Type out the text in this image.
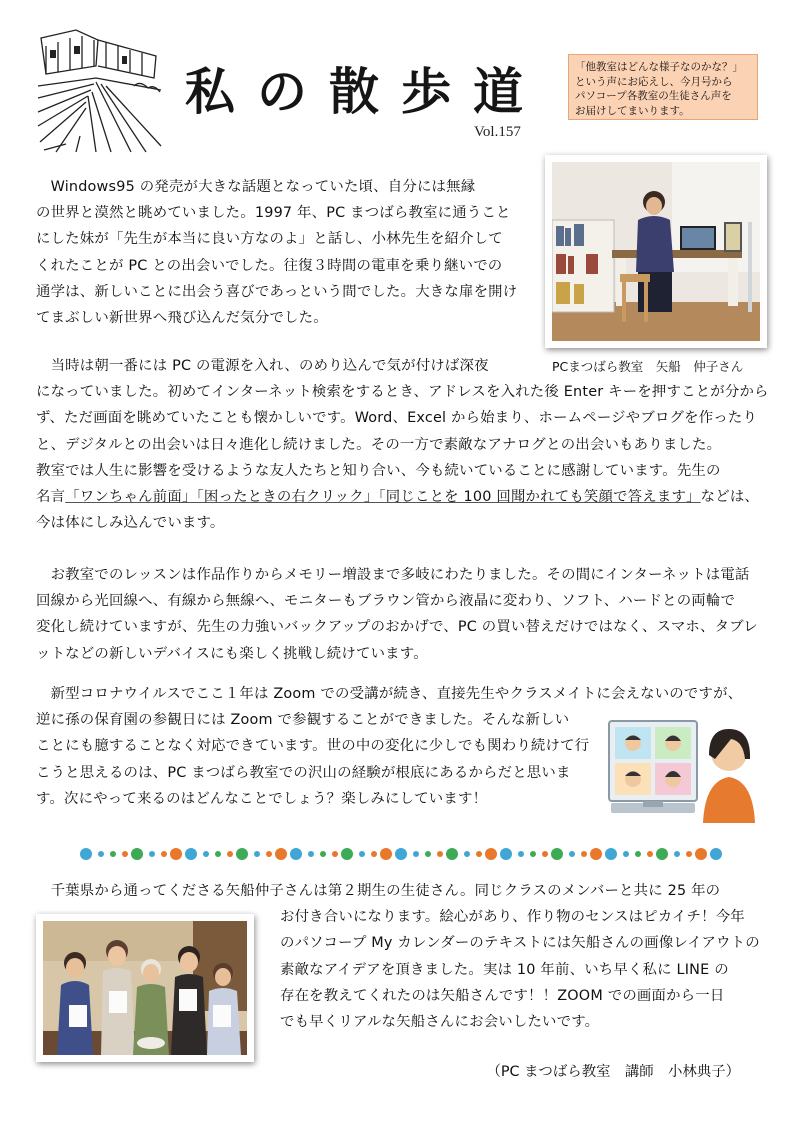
私の散歩道
Vol.157
「他教室はどんな様子なのかな？」
という声にお応えし、今月号から
パソコープ各教室の生徒さん声を
お届けしてまいります。
PCまつばら教室　矢船　仲子さん
　Windows95 の発売が大きな話題となっていた頃、自分には無縁
の世界と漠然と眺めていました。1997 年、PC まつばら教室に通うこと
にした妹が「先生が本当に良い方なのよ」と話し、小林先生を紹介して
くれたことが PC との出会いでした。往復３時間の電車を乗り継いでの
通学は、新しいことに出会う喜びであっという間でした。大きな扉を開け
てまぶしい新世界へ飛び込んだ気分でした。
　当時は朝一番には PC の電源を入れ、のめり込んで気が付けば深夜
になっていました。初めてインターネット検索をするとき、アドレスを入れた後 Enter キーを押すことが分から
ず、ただ画面を眺めていたことも懐かしいです。Word、Excel から始まり、ホームページやブログを作ったり
と、デジタルとの出会いは日々進化し続けました。その一方で素敵なアナログとの出会いもありました。
教室では人生に影響を受けるような友人たちと知り合い、今も続いていることに感謝しています。先生の
名言「ワンちゃん前面」「困ったときの右クリック」「同じことを 100 回聞かれても笑顔で答えます」などは、
今は体にしみ込んでいます。
　お教室でのレッスンは作品作りからメモリー増設まで多岐にわたりました。その間にインターネットは電話
回線から光回線へ、有線から無線へ、モニターもブラウン管から液晶に変わり、ソフト、ハードとの両輪で
変化し続けていますが、先生の力強いバックアップのおかげで、PC の買い替えだけではなく、スマホ、タブレ
ットなどの新しいデバイスにも楽しく挑戦し続けています。
　新型コロナウイルスでここ１年は Zoom での受講が続き、直接先生やクラスメイトに会えないのですが、
逆に孫の保育園の参観日には Zoom で参観することができました。そんな新しい
ことにも臆することなく対応できています。世の中の変化に少しでも関わり続けて行
こうと思えるのは、PC まつばら教室での沢山の経験が根底にあるからだと思いま
す。次にやって来るのはどんなことでしょう？楽しみにしています！
　千葉県から通ってくださる矢船仲子さんは第２期生の生徒さん。同じクラスのメンバーと共に 25 年の
お付き合いになります。絵心があり、作り物のセンスはピカイチ！今年
のパソコープ My カレンダーのテキストには矢船さんの画像レイアウトの
素敵なアイデアを頂きました。実は 10 年前、いち早く私に LINE の
存在を教えてくれたのは矢船さんです！！ZOOM での画面から一日
でも早くリアルな矢船さんにお会いしたいです。
（PC まつばら教室　講師　小林典子）
